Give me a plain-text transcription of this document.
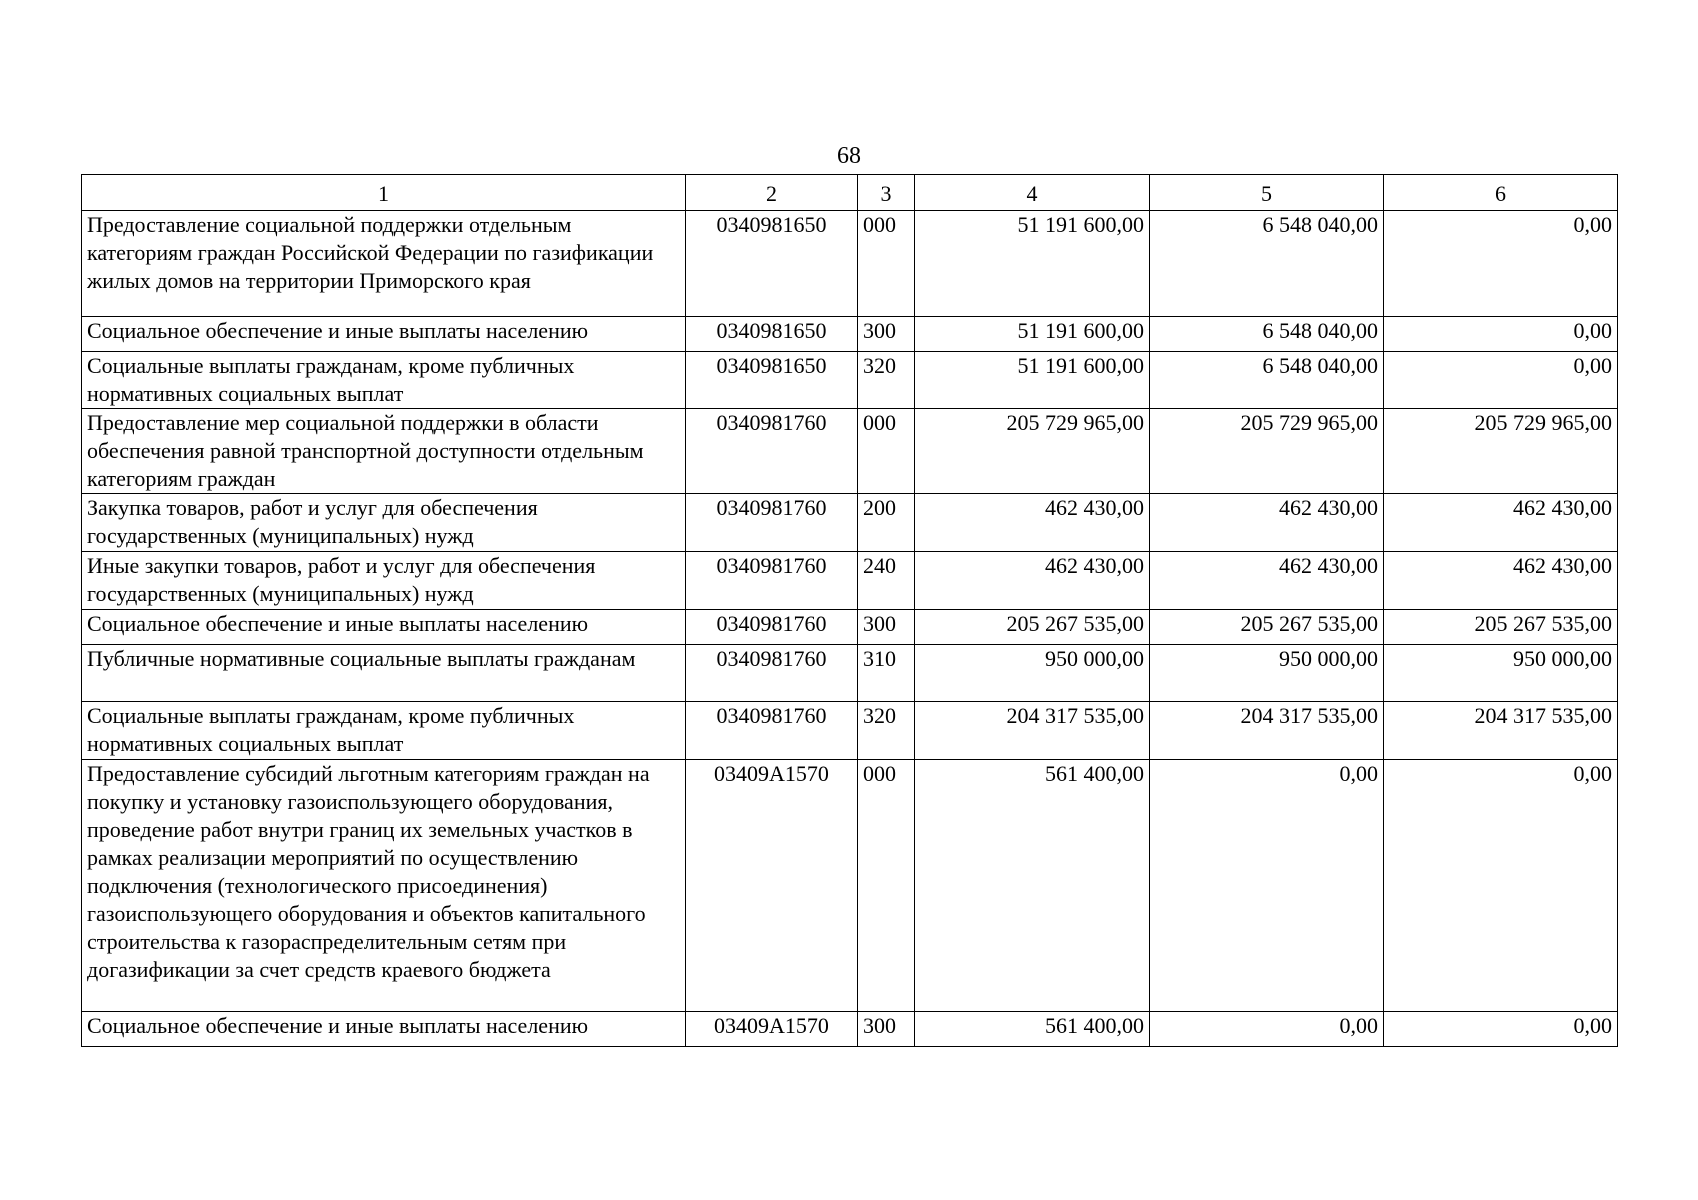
68
1	2	3	4	5	6
Предоставление социальной поддержки отдельным категориям граждан Российской Федерации по газификации жилых домов на территории Приморского края	0340981650	000	51 191 600,00	6 548 040,00	0,00
Социальное обеспечение и иные выплаты населению	0340981650	300	51 191 600,00	6 548 040,00	0,00
Социальные выплаты гражданам, кроме публичных нормативных социальных выплат	0340981650	320	51 191 600,00	6 548 040,00	0,00
Предоставление мер социальной поддержки в области обеспечения равной транспортной доступности отдельным категориям граждан	0340981760	000	205 729 965,00	205 729 965,00	205 729 965,00
Закупка товаров, работ и услуг для обеспечения государственных (муниципальных) нужд	0340981760	200	462 430,00	462 430,00	462 430,00
Иные закупки товаров, работ и услуг для обеспечения государственных (муниципальных) нужд	0340981760	240	462 430,00	462 430,00	462 430,00
Социальное обеспечение и иные выплаты населению	0340981760	300	205 267 535,00	205 267 535,00	205 267 535,00
Публичные нормативные социальные выплаты гражданам	0340981760	310	950 000,00	950 000,00	950 000,00
Социальные выплаты гражданам, кроме публичных нормативных социальных выплат	0340981760	320	204 317 535,00	204 317 535,00	204 317 535,00
Предоставление субсидий льготным категориям граждан на покупку и установку газоиспользующего оборудования, проведение работ внутри границ их земельных участков в рамках реализации мероприятий по осуществлению подключения (технологического присоединения) газоиспользующего оборудования и объектов капитального строительства к газораспределительным сетям при догазификации за счет средств краевого бюджета	03409A1570	000	561 400,00	0,00	0,00
Социальное обеспечение и иные выплаты населению	03409A1570	300	561 400,00	0,00	0,00
